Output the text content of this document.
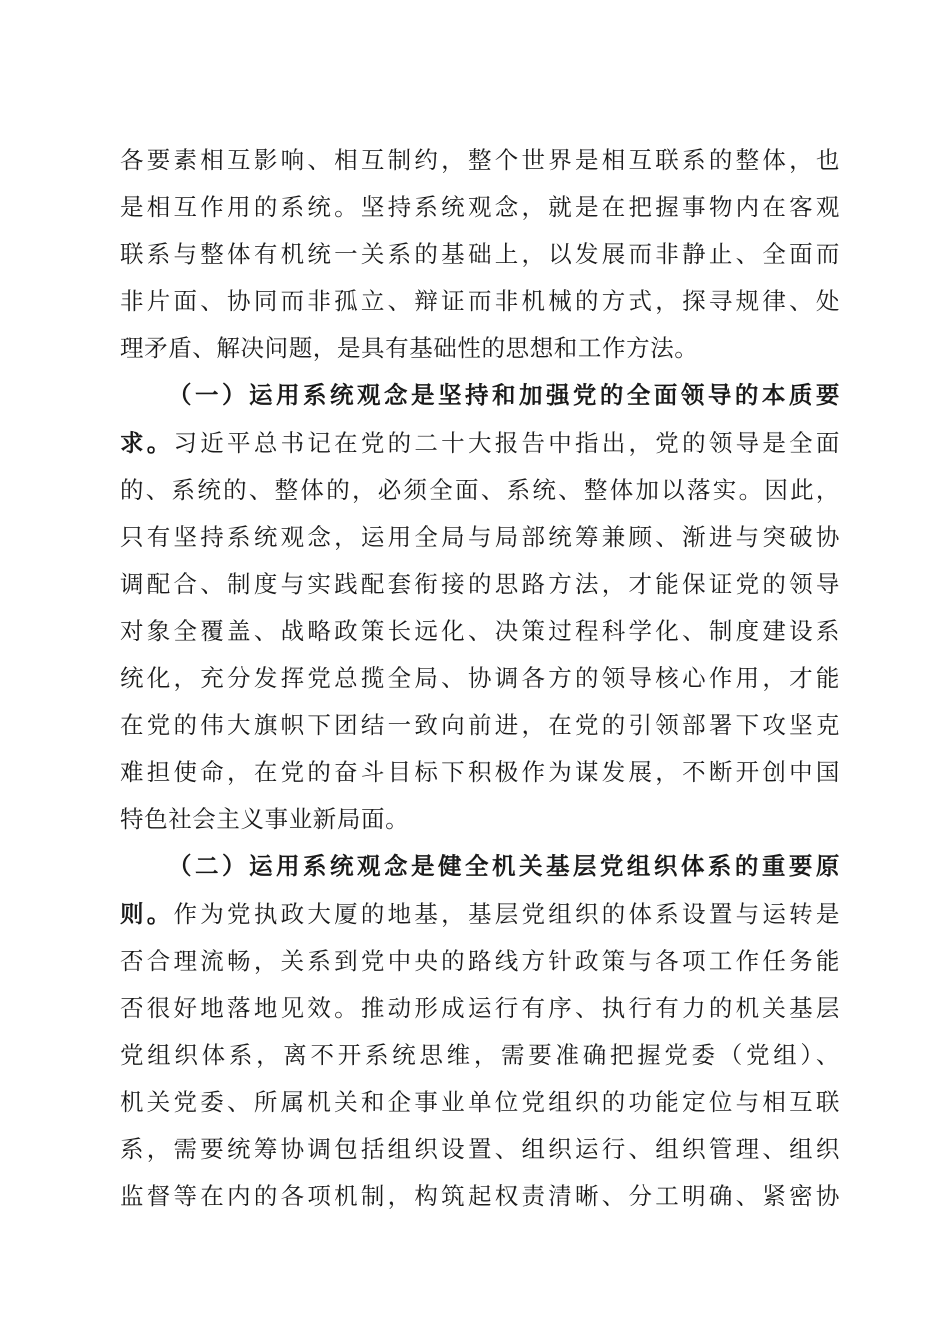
各要素相互影响、相互制约，整个世界是相互联系的整体，也
是相互作用的系统。坚持系统观念，就是在把握事物内在客观
联系与整体有机统一关系的基础上，以发展而非静止、全面而
非片面、协同而非孤立、辩证而非机械的方式，探寻规律、处
理矛盾、解决问题，是具有基础性的思想和工作方法。
（一）运用系统观念是坚持和加强党的全面领导的本质要
求。习近平总书记在党的二十大报告中指出，党的领导是全面
的、系统的、整体的，必须全面、系统、整体加以落实。因此，
只有坚持系统观念，运用全局与局部统筹兼顾、渐进与突破协
调配合、制度与实践配套衔接的思路方法，才能保证党的领导
对象全覆盖、战略政策长远化、决策过程科学化、制度建设系
统化，充分发挥党总揽全局、协调各方的领导核心作用，才能
在党的伟大旗帜下团结一致向前进，在党的引领部署下攻坚克
难担使命，在党的奋斗目标下积极作为谋发展，不断开创中国
特色社会主义事业新局面。
（二）运用系统观念是健全机关基层党组织体系的重要原
则。作为党执政大厦的地基，基层党组织的体系设置与运转是
否合理流畅，关系到党中央的路线方针政策与各项工作任务能
否很好地落地见效。推动形成运行有序、执行有力的机关基层
党组织体系，离不开系统思维，需要准确把握党委（党组）、
机关党委、所属机关和企事业单位党组织的功能定位与相互联
系，需要统筹协调包括组织设置、组织运行、组织管理、组织
监督等在内的各项机制，构筑起权责清晰、分工明确、紧密协
